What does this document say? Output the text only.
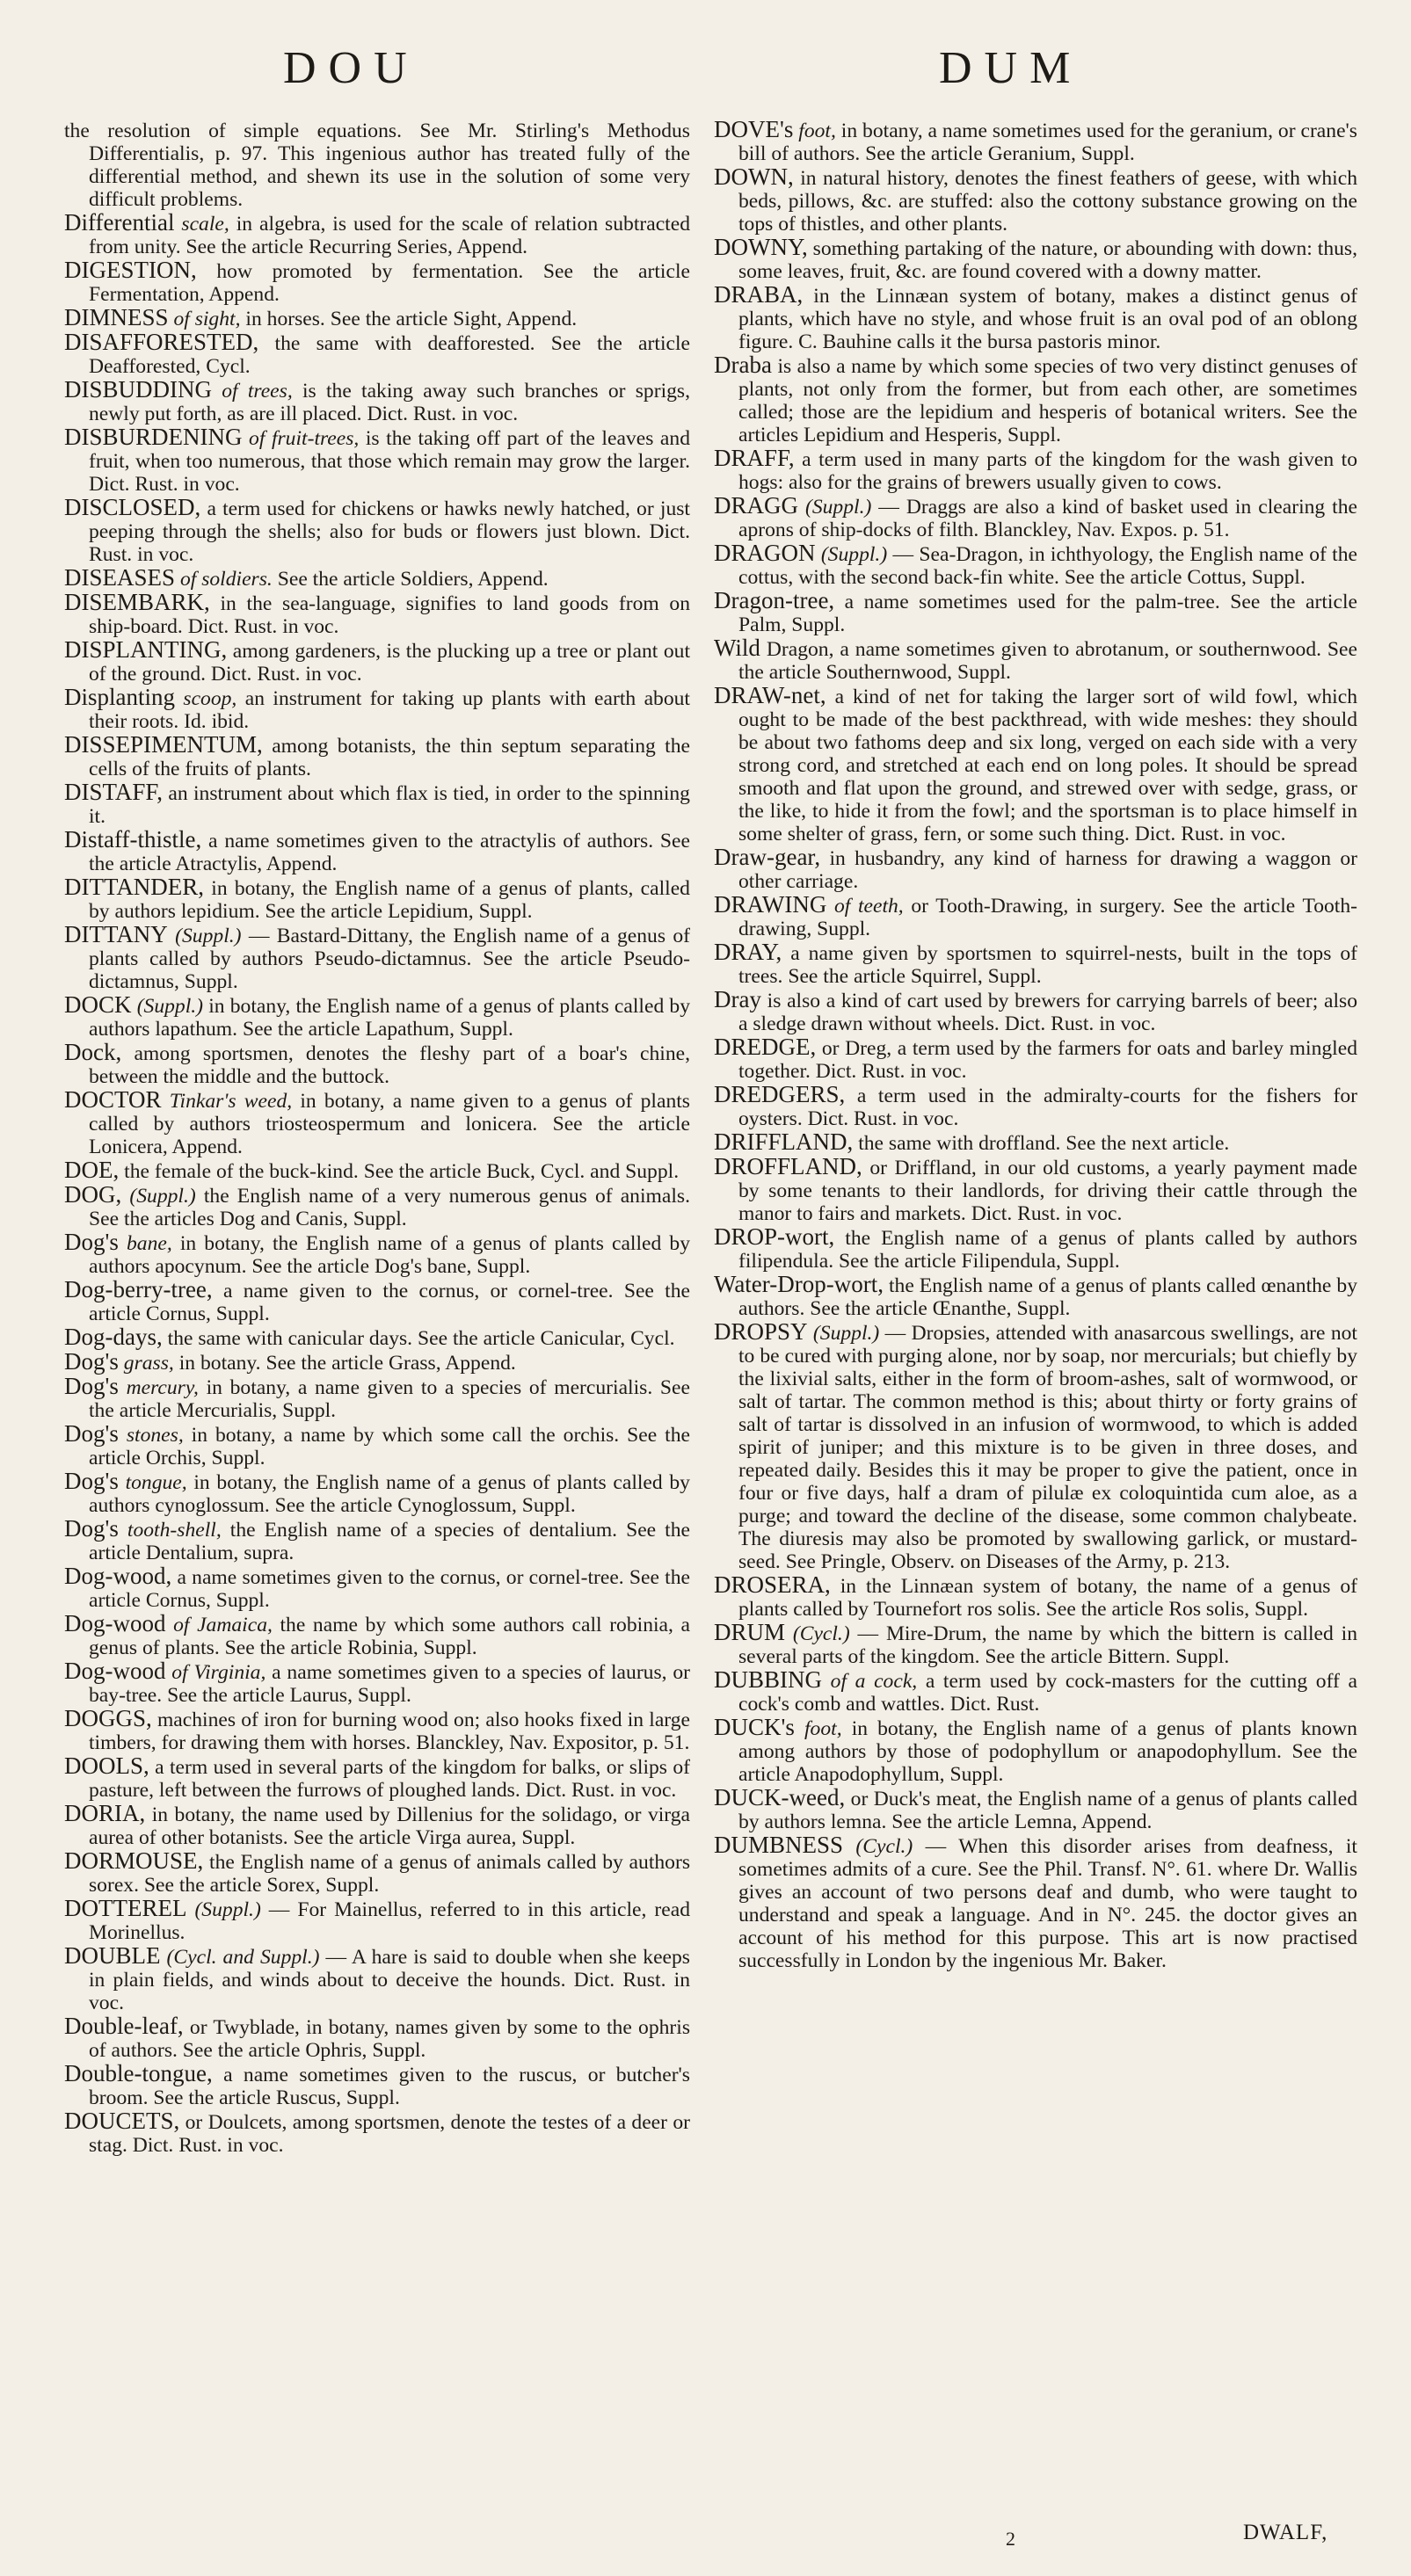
DOU	DUM

the resolution of simple equations. See Mr. Stirling's Methodus Differentialis, p. 97. This ingenious author has treated fully of the differential method, and shewn its use in the solution of some very difficult problems.

Differential scale, in algebra, is used for the scale of relation subtracted from unity. See the article Recurring Series, Append.

DIGESTION, how promoted by fermentation. See the article Fermentation, Append.

DIMNESS of sight, in horses. See the article Sight, Append.

DISAFFORESTED, the same with deafforested. See the article Deafforested, Cycl.

DISBUDDING of trees, is the taking away such branches or sprigs, newly put forth, as are ill placed. Dict. Rust. in voc.

DISBURDENING of fruit-trees, is the taking off part of the leaves and fruit, when too numerous, that those which remain may grow the larger. Dict. Rust. in voc.

DISCLOSED, a term used for chickens or hawks newly hatched, or just peeping through the shells; also for buds or flowers just blown. Dict. Rust. in voc.

DISEASES of soldiers. See the article Soldiers, Append.

DISEMBARK, in the sea-language, signifies to land goods from on ship-board. Dict. Rust. in voc.

DISPLANTING, among gardeners, is the plucking up a tree or plant out of the ground. Dict. Rust. in voc.

Displanting scoop, an instrument for taking up plants with earth about their roots. Id. ibid.

DISSEPIMENTUM, among botanists, the thin septum separating the cells of the fruits of plants.

DISTAFF, an instrument about which flax is tied, in order to the spinning it.

Distaff-thistle, a name sometimes given to the atractylis of authors. See the article Atractylis, Append.

DITTANDER, in botany, the English name of a genus of plants, called by authors lepidium. See the article Lepidium, Suppl.

DITTANY (Suppl.) — Bastard-Dittany, the English name of a genus of plants called by authors Pseudo-dictamnus. See the article Pseudo-dictamnus, Suppl.

DOCK (Suppl.) in botany, the English name of a genus of plants called by authors lapathum. See the article Lapathum, Suppl.

Dock, among sportsmen, denotes the fleshy part of a boar's chine, between the middle and the buttock.

DOCTOR Tinkar's weed, in botany, a name given to a genus of plants called by authors triosteospermum and lonicera. See the article Lonicera, Append.

DOE, the female of the buck-kind. See the article Buck, Cycl. and Suppl.

DOG, (Suppl.) the English name of a very numerous genus of animals. See the articles Dog and Canis, Suppl.

Dog's bane, in botany, the English name of a genus of plants called by authors apocynum. See the article Dog's bane, Suppl.

Dog-berry-tree, a name given to the cornus, or cornel-tree. See the article Cornus, Suppl.

Dog-days, the same with canicular days. See the article Canicular, Cycl.

Dog's grass, in botany. See the article Grass, Append.

Dog's mercury, in botany, a name given to a species of mercurialis. See the article Mercurialis, Suppl.

Dog's stones, in botany, a name by which some call the orchis. See the article Orchis, Suppl.

Dog's tongue, in botany, the English name of a genus of plants called by authors cynoglossum. See the article Cynoglossum, Suppl.

Dog's tooth-shell, the English name of a species of dentalium. See the article Dentalium, supra.

Dog-wood, a name sometimes given to the cornus, or cornel-tree. See the article Cornus, Suppl.

Dog-wood of Jamaica, the name by which some authors call robinia, a genus of plants. See the article Robinia, Suppl.

Dog-wood of Virginia, a name sometimes given to a species of laurus, or bay-tree. See the article Laurus, Suppl.

DOGGS, machines of iron for burning wood on; also hooks fixed in large timbers, for drawing them with horses. Blanckley, Nav. Expositor, p. 51.

DOOLS, a term used in several parts of the kingdom for balks, or slips of pasture, left between the furrows of ploughed lands. Dict. Rust. in voc.

DORIA, in botany, the name used by Dillenius for the solidago, or virga aurea of other botanists. See the article Virga aurea, Suppl.

DORMOUSE, the English name of a genus of animals called by authors sorex. See the article Sorex, Suppl.

DOTTEREL (Suppl.) — For Mainellus, referred to in this article, read Morinellus.

DOUBLE (Cycl. and Suppl.) — A hare is said to double when she keeps in plain fields, and winds about to deceive the hounds. Dict. Rust. in voc.

Double-leaf, or Twyblade, in botany, names given by some to the ophris of authors. See the article Ophris, Suppl.

Double-tongue, a name sometimes given to the ruscus, or butcher's broom. See the article Ruscus, Suppl.

DOUCETS, or Doulcets, among sportsmen, denote the testes of a deer or stag. Dict. Rust. in voc.

DOVE's foot, in botany, a name sometimes used for the geranium, or crane's bill of authors. See the article Geranium, Suppl.

DOWN, in natural history, denotes the finest feathers of geese, with which beds, pillows, &c. are stuffed: also the cottony substance growing on the tops of thistles, and other plants.

DOWNY, something partaking of the nature, or abounding with down: thus, some leaves, fruit, &c. are found covered with a downy matter.

DRABA, in the Linnæan system of botany, makes a distinct genus of plants, which have no style, and whose fruit is an oval pod of an oblong figure. C. Bauhine calls it the bursa pastoris minor.

Draba is also a name by which some species of two very distinct genuses of plants, not only from the former, but from each other, are sometimes called; those are the lepidium and hesperis of botanical writers. See the articles Lepidium and Hesperis, Suppl.

DRAFF, a term used in many parts of the kingdom for the wash given to hogs: also for the grains of brewers usually given to cows.

DRAGG (Suppl.) — Draggs are also a kind of basket used in clearing the aprons of ship-docks of filth. Blanckley, Nav. Expos. p. 51.

DRAGON (Suppl.) — Sea-Dragon, in ichthyology, the English name of the cottus, with the second back-fin white. See the article Cottus, Suppl.

Dragon-tree, a name sometimes used for the palm-tree. See the article Palm, Suppl.

Wild Dragon, a name sometimes given to abrotanum, or southernwood. See the article Southernwood, Suppl.

DRAW-net, a kind of net for taking the larger sort of wild fowl, which ought to be made of the best packthread, with wide meshes: they should be about two fathoms deep and six long, verged on each side with a very strong cord, and stretched at each end on long poles. It should be spread smooth and flat upon the ground, and strewed over with sedge, grass, or the like, to hide it from the fowl; and the sportsman is to place himself in some shelter of grass, fern, or some such thing. Dict. Rust. in voc.

Draw-gear, in husbandry, any kind of harness for drawing a waggon or other carriage.

DRAWING of teeth, or Tooth-Drawing, in surgery. See the article Tooth-drawing, Suppl.

DRAY, a name given by sportsmen to squirrel-nests, built in the tops of trees. See the article Squirrel, Suppl.

Dray is also a kind of cart used by brewers for carrying barrels of beer; also a sledge drawn without wheels. Dict. Rust. in voc.

DREDGE, or Dreg, a term used by the farmers for oats and barley mingled together. Dict. Rust. in voc.

DREDGERS, a term used in the admiralty-courts for the fishers for oysters. Dict. Rust. in voc.

DRIFFLAND, the same with droffland. See the next article.

DROFFLAND, or Driffland, in our old customs, a yearly payment made by some tenants to their landlords, for driving their cattle through the manor to fairs and markets. Dict. Rust. in voc.

DROP-wort, the English name of a genus of plants called by authors filipendula. See the article Filipendula, Suppl.

Water-Drop-wort, the English name of a genus of plants called œnanthe by authors. See the article Œnanthe, Suppl.

DROPSY (Suppl.) — Dropsies, attended with anasarcous swellings, are not to be cured with purging alone, nor by soap, nor mercurials; but chiefly by the lixivial salts, either in the form of broom-ashes, salt of wormwood, or salt of tartar. The common method is this; about thirty or forty grains of salt of tartar is dissolved in an infusion of wormwood, to which is added spirit of juniper; and this mixture is to be given in three doses, and repeated daily. Besides this it may be proper to give the patient, once in four or five days, half a dram of pilulæ ex coloquintida cum aloe, as a purge; and toward the decline of the disease, some common chalybeate. The diuresis may also be promoted by swallowing garlick, or mustard-seed. See Pringle, Observ. on Diseases of the Army, p. 213.

DROSERA, in the Linnæan system of botany, the name of a genus of plants called by Tournefort ros solis. See the article Ros solis, Suppl.

DRUM (Cycl.) — Mire-Drum, the name by which the bittern is called in several parts of the kingdom. See the article Bittern. Suppl.

DUBBING of a cock, a term used by cock-masters for the cutting off a cock's comb and wattles. Dict. Rust.

DUCK's foot, in botany, the English name of a genus of plants known among authors by those of podophyllum or anapodophyllum. See the article Anapodophyllum, Suppl.

DUCK-weed, or Duck's meat, the English name of a genus of plants called by authors lemna. See the article Lemna, Append.

DUMBNESS (Cycl.) — When this disorder arises from deafness, it sometimes admits of a cure. See the Phil. Transf. N°. 61. where Dr. Wallis gives an account of two persons deaf and dumb, who were taught to understand and speak a language. And in N°. 245. the doctor gives an account of his method for this purpose. This art is now practised successfully in London by the ingenious Mr. Baker.

2	DWALF,
